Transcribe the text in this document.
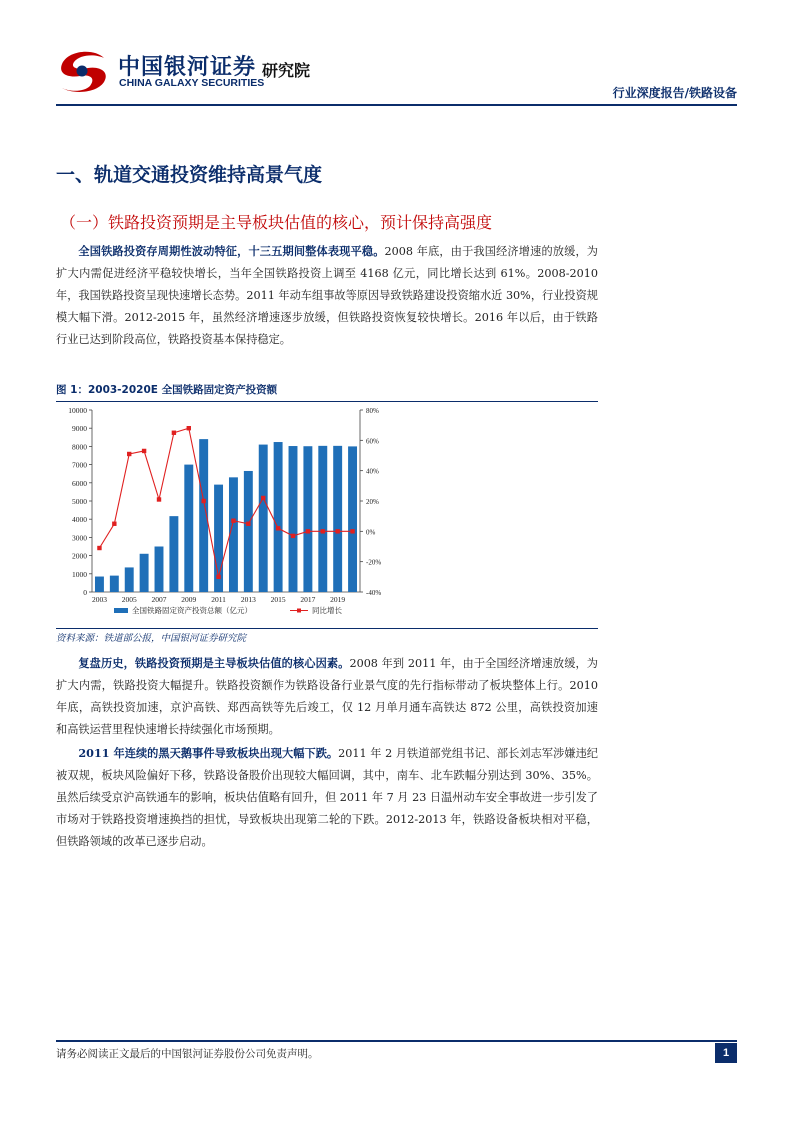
中国银河证券
CHINA GALAXY SECURITIES
研究院
行业深度报告/铁路设备
一、轨道交通投资维持高景气度
（一）铁路投资预期是主导板块估值的核心，预计保持高强度

全国铁路投资存周期性波动特征，十三五期间整体表现平稳。2008 年底，由于我国经济增速的放缓，为扩大内需促进经济平稳较快增长，当年全国铁路投资上调至 4168 亿元，同比增长达到 61%。2008-2010 年，我国铁路投资呈现快速增长态势。2011 年动车组事故等原因导致铁路建设投资缩水近 30%，行业投资规模大幅下滑。2012-2015 年，虽然经济增速逐步放缓，但铁路投资恢复较快增长。2016 年以后，由于铁路行业已达到阶段高位，铁路投资基本保持稳定。

图 1：2003-2020E 全国铁路固定资产投资额
0
1000
2000
3000
4000
5000
6000
7000
8000
9000
10000
-40%
-20%
0%
20%
40%
60%
80%
2003 2005 2007 2009 2011 2013 2015 2017 2019
全国铁路固定资产投资总额（亿元）	同比增长
资料来源：铁道部公报，中国银河证券研究院

复盘历史，铁路投资预期是主导板块估值的核心因素。2008 年到 2011 年，由于全国经济增速放缓，为扩大内需，铁路投资大幅提升。铁路投资额作为铁路设备行业景气度的先行指标带动了板块整体上行。2010 年底，高铁投资加速，京沪高铁、郑西高铁等先后竣工，仅 12 月单月通车高铁达 872 公里，高铁投资加速和高铁运营里程快速增长持续强化市场预期。

2011 年连续的黑天鹅事件导致板块出现大幅下跌。2011 年 2 月铁道部党组书记、部长刘志军涉嫌违纪被双规，板块风险偏好下移，铁路设备股价出现较大幅回调，其中，南车、北车跌幅分别达到 30%、35%。虽然后续受京沪高铁通车的影响，板块估值略有回升，但 2011 年 7 月 23 日温州动车安全事故进一步引发了市场对于铁路投资增速换挡的担忧，导致板块出现第二轮的下跌。2012-2013 年，铁路设备板块相对平稳，但铁路领域的改革已逐步启动。

请务必阅读正文最后的中国银河证券股份公司免责声明。	1
